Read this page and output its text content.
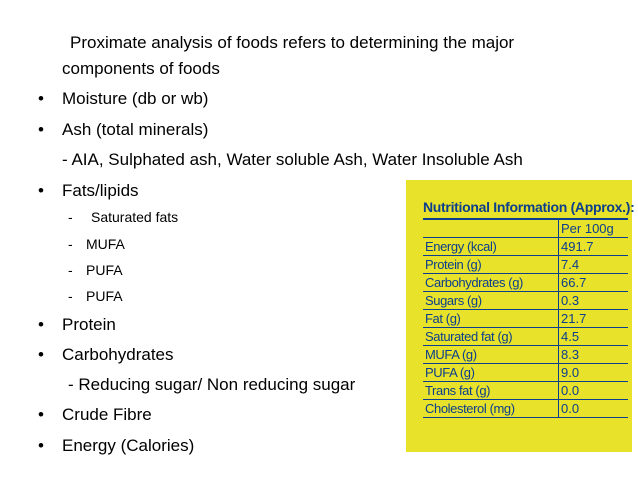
Proximate analysis of foods refers to determining the major
components of foods
• Moisture (db or wb)
• Ash (total minerals)
- AIA, Sulphated ash, Water soluble Ash, Water Insoluble Ash
• Fats/lipids
- Saturated fats
- MUFA
- PUFA
- PUFA
• Protein
• Carbohydrates
- Reducing sugar/ Non reducing sugar
• Crude Fibre
• Energy (Calories)
Nutritional Information (Approx.):
Per 100g
Energy (kcal)	491.7
Protein (g)	7.4
Carbohydrates (g)	66.7
Sugars (g)	0.3
Fat (g)	21.7
Saturated fat (g)	4.5
MUFA (g)	8.3
PUFA (g)	9.0
Trans fat (g)	0.0
Cholesterol (mg)	0.0
